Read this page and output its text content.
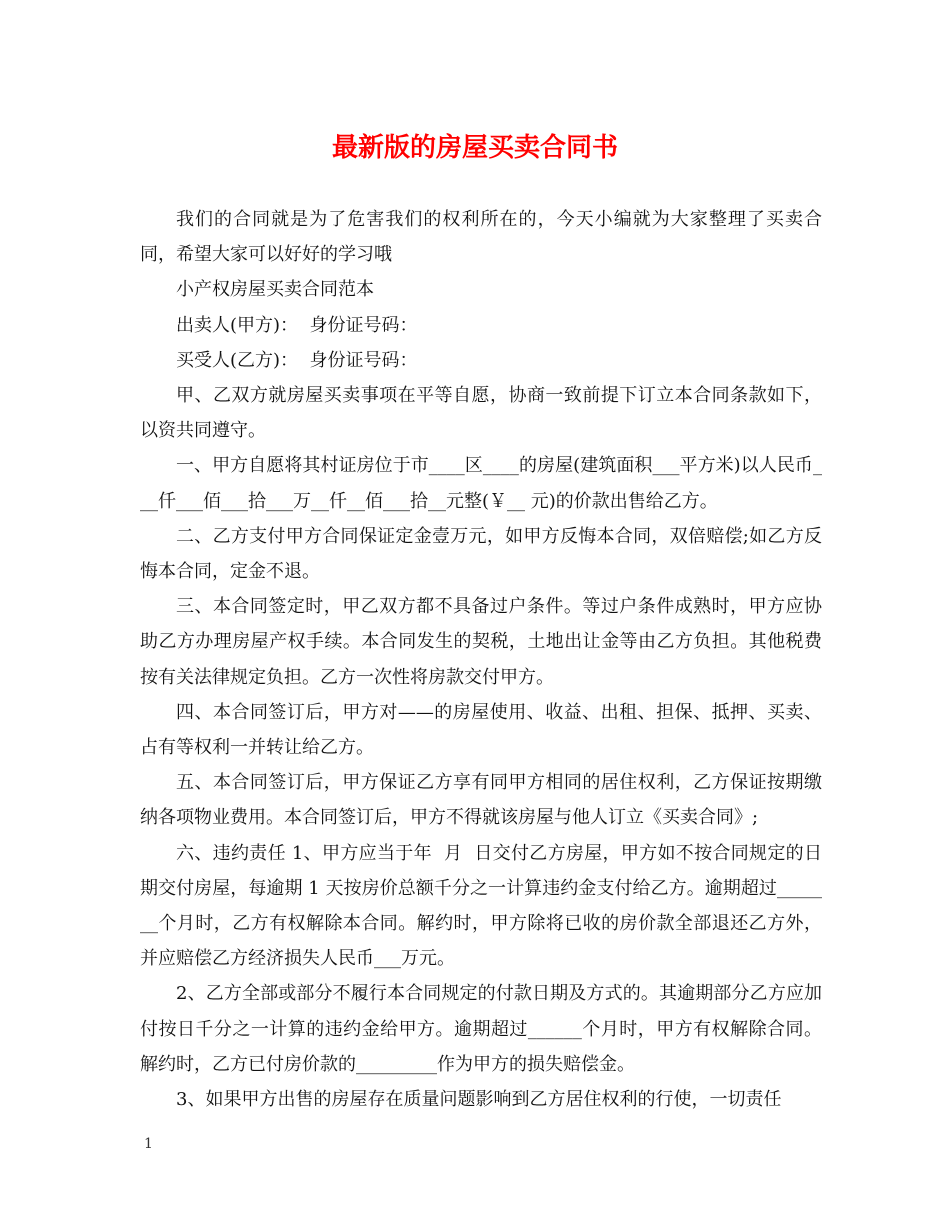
最新版的房屋买卖合同书

我们的合同就是为了危害我们的权利所在的，今天小编就为大家整理了买卖合同，希望大家可以好好的学习哦

小产权房屋买卖合同范本

出卖人(甲方)：  身份证号码：

买受人(乙方)：  身份证号码：

甲、乙双方就房屋买卖事项在平等自愿，协商一致前提下订立本合同条款如下，以资共同遵守。

一、甲方自愿将其村证房位于市____区____的房屋(建筑面积___平方米)以人民币___仟___佰___拾___万__仟__佰___拾__元整(￥__ 元)的价款出售给乙方。

二、乙方支付甲方合同保证定金壹万元，如甲方反悔本合同，双倍赔偿;如乙方反悔本合同，定金不退。

三、本合同签定时，甲乙双方都不具备过户条件。等过户条件成熟时，甲方应协助乙方办理房屋产权手续。本合同发生的契税，土地出让金等由乙方负担。其他税费按有关法律规定负担。乙方一次性将房款交付甲方。

四、本合同签订后，甲方对——的房屋使用、收益、出租、担保、抵押、买卖、占有等权利一并转让给乙方。

五、本合同签订后，甲方保证乙方享有同甲方相同的居住权利，乙方保证按期缴纳各项物业费用。本合同签订后，甲方不得就该房屋与他人订立《买卖合同》;

六、违约责任 1、甲方应当于年  月  日交付乙方房屋，甲方如不按合同规定的日期交付房屋，每逾期 1 天按房价总额千分之一计算违约金支付给乙方。逾期超过_______个月时，乙方有权解除本合同。解约时，甲方除将已收的房价款全部退还乙方外，并应赔偿乙方经济损失人民币___万元。

2、乙方全部或部分不履行本合同规定的付款日期及方式的。其逾期部分乙方应加付按日千分之一计算的违约金给甲方。逾期超过______个月时，甲方有权解除合同。解约时，乙方已付房价款的_________作为甲方的损失赔偿金。

3、如果甲方出售的房屋存在质量问题影响到乙方居住权利的行使，一切责任

1
